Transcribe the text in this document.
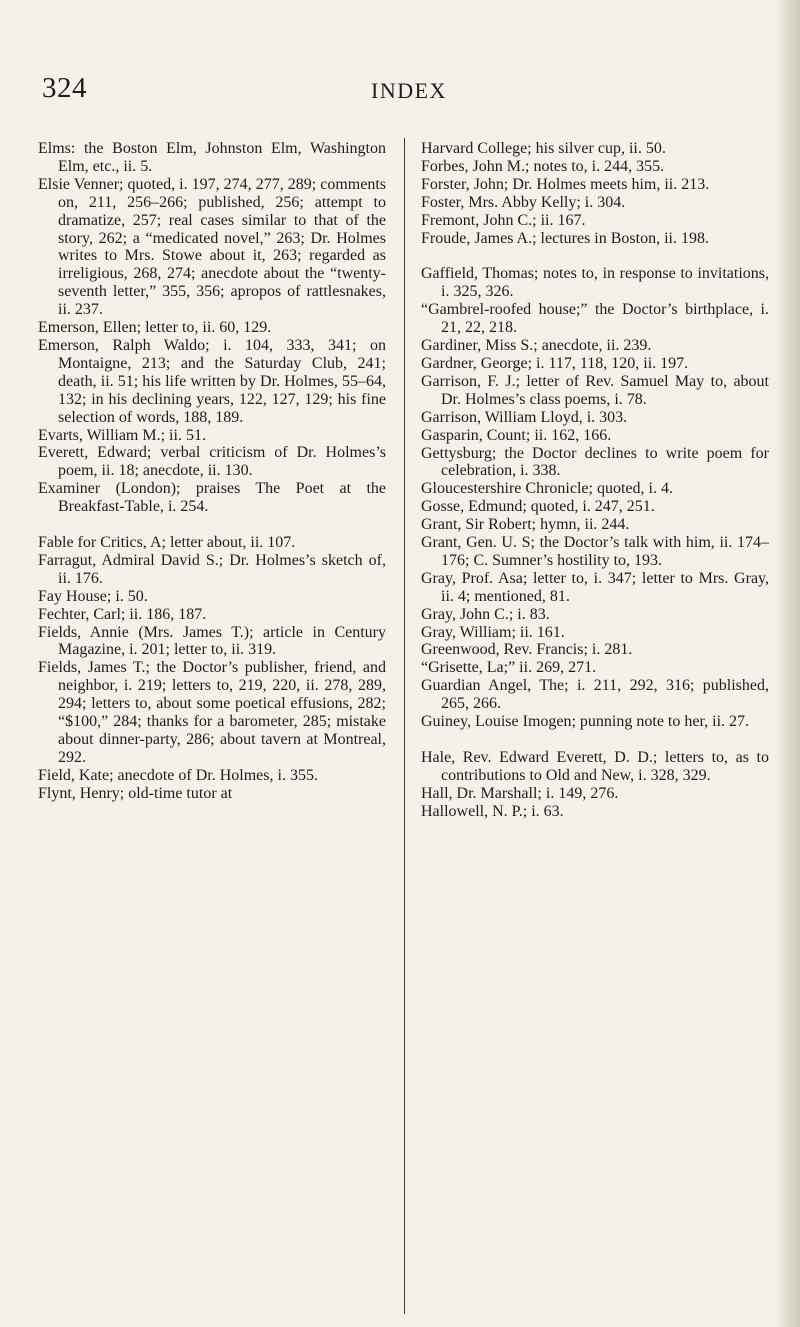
324	INDEX
Elms: the Boston Elm, Johnston Elm, Washington Elm, etc., ii. 5.
Elsie Venner; quoted, i. 197, 274, 277, 289; comments on, 211, 256–266; published, 256; attempt to dramatize, 257; real cases similar to that of the story, 262; a “medicated novel,” 263; Dr. Holmes writes to Mrs. Stowe about it, 263; regarded as irreligious, 268, 274; anecdote about the “twenty-seventh letter,” 355, 356; apropos of rattlesnakes, ii. 237.
Emerson, Ellen; letter to, ii. 60, 129.
Emerson, Ralph Waldo; i. 104, 333, 341; on Montaigne, 213; and the Saturday Club, 241; death, ii. 51; his life written by Dr. Holmes, 55–64, 132; in his declining years, 122, 127, 129; his fine selection of words, 188, 189.
Evarts, William M.; ii. 51.
Everett, Edward; verbal criticism of Dr. Holmes’s poem, ii. 18; anecdote, ii. 130.
Examiner (London); praises The Poet at the Breakfast-Table, i. 254.
Fable for Critics, A; letter about, ii. 107.
Farragut, Admiral David S.; Dr. Holmes’s sketch of, ii. 176.
Fay House; i. 50.
Fechter, Carl; ii. 186, 187.
Fields, Annie (Mrs. James T.); article in Century Magazine, i. 201; letter to, ii. 319.
Fields, James T.; the Doctor’s publisher, friend, and neighbor, i. 219; letters to, 219, 220, ii. 278, 289, 294; letters to, about some poetical effusions, 282; “$100,” 284; thanks for a barometer, 285; mistake about dinner-party, 286; about tavern at Montreal, 292.
Field, Kate; anecdote of Dr. Holmes, i. 355.
Flynt, Henry; old-time tutor at
Harvard College; his silver cup, ii. 50.
Forbes, John M.; notes to, i. 244, 355.
Forster, John; Dr. Holmes meets him, ii. 213.
Foster, Mrs. Abby Kelly; i. 304.
Fremont, John C.; ii. 167.
Froude, James A.; lectures in Boston, ii. 198.
Gaffield, Thomas; notes to, in response to invitations, i. 325, 326.
“Gambrel-roofed house;” the Doctor’s birthplace, i. 21, 22, 218.
Gardiner, Miss S.; anecdote, ii. 239.
Gardner, George; i. 117, 118, 120, ii. 197.
Garrison, F. J.; letter of Rev. Samuel May to, about Dr. Holmes’s class poems, i. 78.
Garrison, William Lloyd, i. 303.
Gasparin, Count; ii. 162, 166.
Gettysburg; the Doctor declines to write poem for celebration, i. 338.
Gloucestershire Chronicle; quoted, i. 4.
Gosse, Edmund; quoted, i. 247, 251.
Grant, Sir Robert; hymn, ii. 244.
Grant, Gen. U. S; the Doctor’s talk with him, ii. 174–176; C. Sumner’s hostility to, 193.
Gray, Prof. Asa; letter to, i. 347; letter to Mrs. Gray, ii. 4; mentioned, 81.
Gray, John C.; i. 83.
Gray, William; ii. 161.
Greenwood, Rev. Francis; i. 281.
“Grisette, La;” ii. 269, 271.
Guardian Angel, The; i. 211, 292, 316; published, 265, 266.
Guiney, Louise Imogen; punning note to her, ii. 27.
Hale, Rev. Edward Everett, D. D.; letters to, as to contributions to Old and New, i. 328, 329.
Hall, Dr. Marshall; i. 149, 276.
Hallowell, N. P.; i. 63.
